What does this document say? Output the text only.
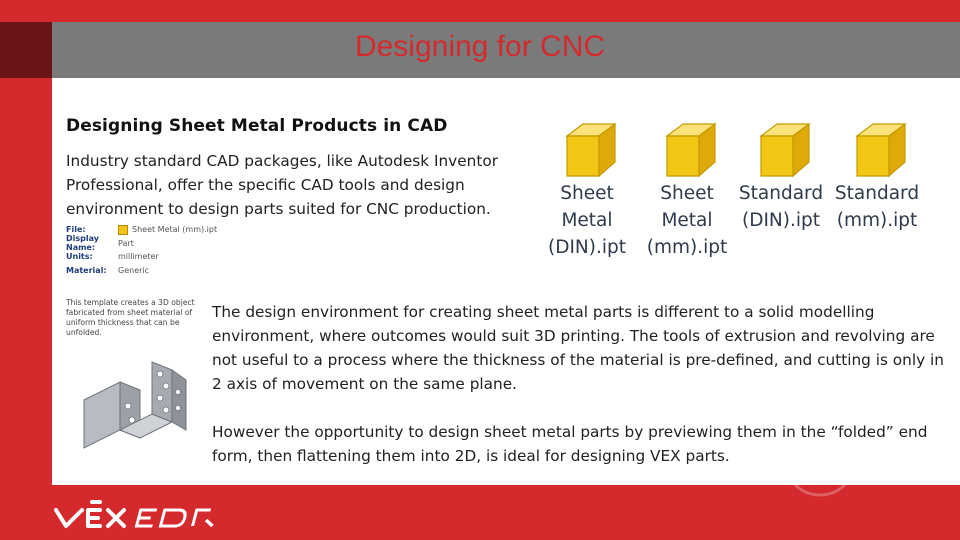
Designing for CNC
Designing Sheet Metal Products in CAD
Industry standard CAD packages, like Autodesk Inventor Professional, offer the specific CAD tools and design environment to design parts suited for CNC production.
File:	Sheet Metal (mm).ipt
Display Name:	Part
Units:	millimeter
Material:	Generic
This template creates a 3D object fabricated from sheet material of uniform thickness that can be unfolded.
Sheet
Metal
(DIN).ipt
Sheet
Metal
(mm).ipt
Standard
(DIN).ipt
Standard
(mm).ipt

The design environment for creating sheet metal parts is different to a solid modelling environment, where outcomes would suit 3D printing. The tools of extrusion and revolving are not useful to a process where the thickness of the material is pre-defined, and cutting is only in 2 axis of movement on the same plane.

However the opportunity to design sheet metal parts by previewing them in the “folded” end form, then flattening them into 2D, is ideal for designing VEX parts.
